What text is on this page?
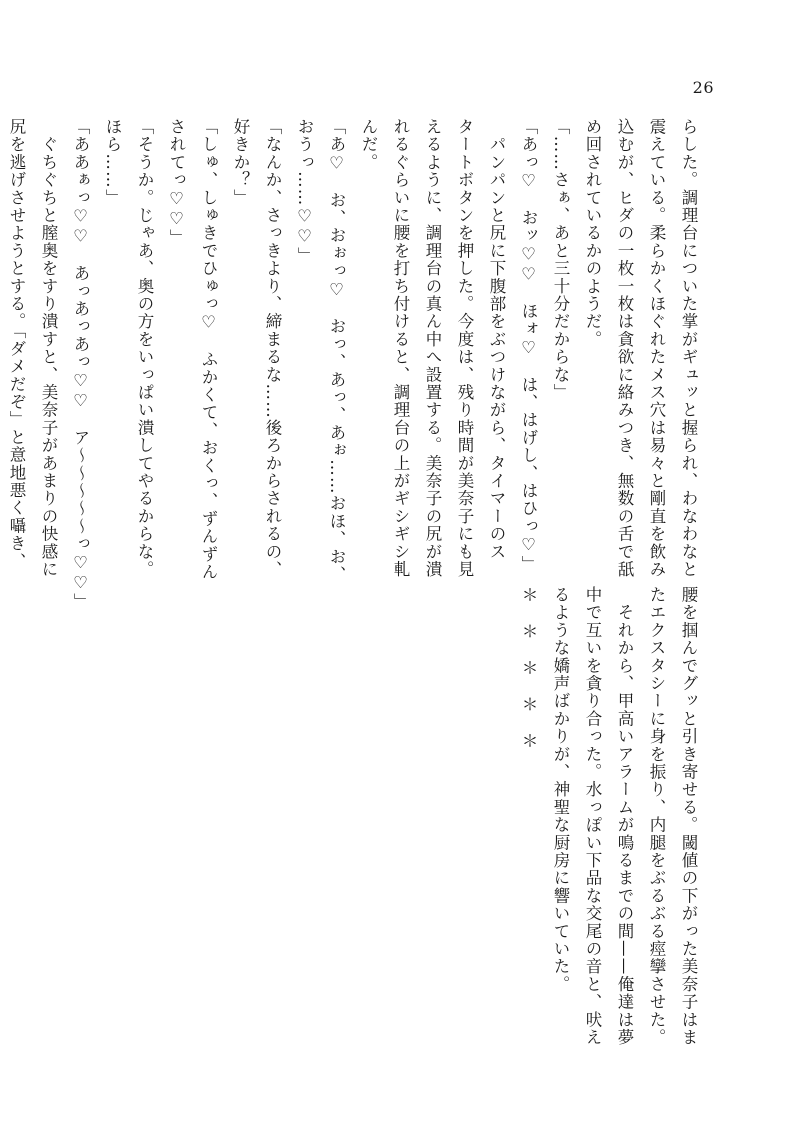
26
らした。調理台についた掌がギュッと握られ、わなわなと
震えている。柔らかくほぐれたメス穴は易々と剛直を飲み
込むが、ヒダの一枚一枚は貪欲に絡みつき、無数の舌で舐
め回されているかのようだ。
「……さぁ、あと三十分だからな」
「あっ♡　おッ♡♡　ほォ♡　は、はげし、はひっ♡」
　パンパンと尻に下腹部をぶつけながら、タイマーのス
タートボタンを押した。今度は、残り時間が美奈子にも見
えるように、調理台の真ん中へ設置する。美奈子の尻が潰
れるぐらいに腰を打ち付けると、調理台の上がギシギシ軋
んだ。
「あ♡　お、おぉっ♡　おっ、あっ、あぉ……おほ、お、
おうっ……♡♡」
「なんか、さっきより、締まるな……後ろからされるの、
好きか？」
「しゅ、しゅきでひゅっ♡　ふかくて、おくっ、ずんずん
されてっ♡♡」
「そうか。じゃあ、奥の方をいっぱい潰してやるからな。
ほら……」
「ああぁっ♡♡　あっあっあっ♡♡　ア〜〜〜〜〜っ♡♡」
　ぐちぐちと膣奥をすり潰すと、美奈子があまりの快感に
尻を逃げさせようとする。「ダメだぞ」と意地悪く囁き、
腰を掴んでグッと引き寄せる。閾値の下がった美奈子はま
たエクスタシーに身を振り、内腿をぶるぶる痙攣させた。
　それから、甲高いアラームが鳴るまでの間——俺達は夢
中で互いを貪り合った。水っぽい下品な交尾の音と、吠え
るような嬌声ばかりが、神聖な厨房に響いていた。
＊＊＊＊＊
